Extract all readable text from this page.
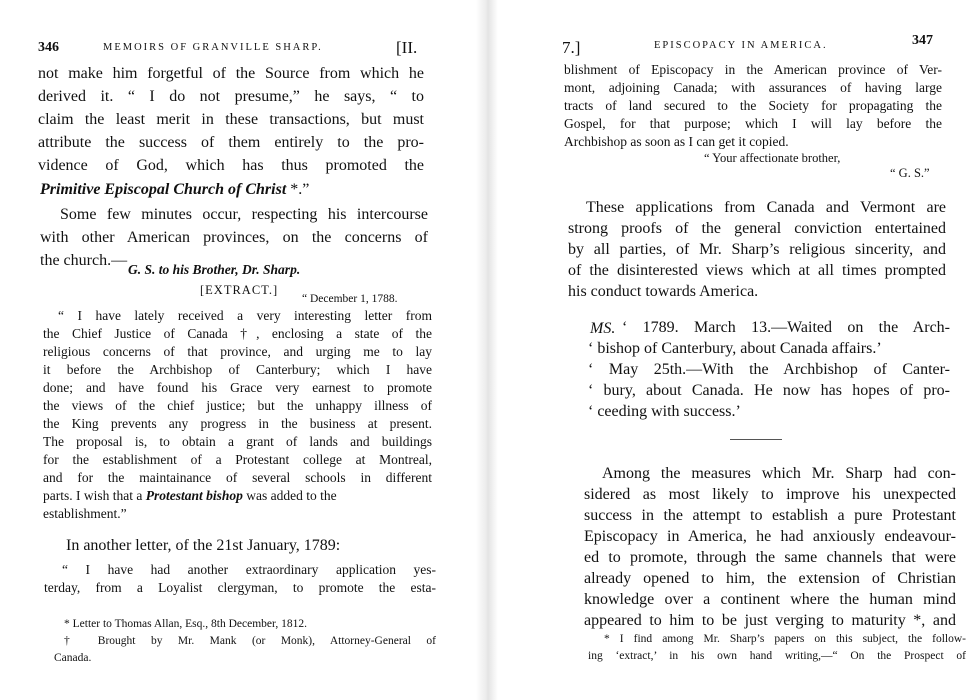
346	MEMOIRS OF GRANVILLE SHARP.	[II.
not make him forgetful of the Source from which he
derived it. “ I do not presume,” he says, “ to
claim the least merit in these transactions, but must
attribute the success of them entirely to the pro-
vidence of God, which has thus promoted the
Primitive Episcopal Church of Christ *.”
Some few minutes occur, respecting his intercourse
with other American provinces, on the concerns of
the church.—
G. S. to his Brother, Dr. Sharp.
[EXTRACT.]
“ December 1, 1788.
“ I have lately received a very interesting letter from
the Chief Justice of Canada †, enclosing a state of the
religious concerns of that province, and urging me to lay
it before the Archbishop of Canterbury; which I have
done; and have found his Grace very earnest to promote
the views of the chief justice; but the unhappy illness of
the King prevents any progress in the business at present.
The proposal is, to obtain a grant of lands and buildings
for the establishment of a Protestant college at Montreal,
and for the maintainance of several schools in different
parts. I wish that a Protestant bishop was added to the
establishment.”
In another letter, of the 21st January, 1789:
“ I have had another extraordinary application yes-
terday, from a Loyalist clergyman, to promote the esta-
* Letter to Thomas Allan, Esq., 8th December, 1812.
† Brought by Mr. Mank (or Monk), Attorney-General of
Canada.
7.]	EPISCOPACY IN AMERICA.	347
blishment of Episcopacy in the American province of Ver-
mont, adjoining Canada; with assurances of having large
tracts of land secured to the Society for propagating the
Gospel, for that purpose; which I will lay before the
Archbishop as soon as I can get it copied.
“ Your affectionate brother,
“ G. S.”
These applications from Canada and Vermont are
strong proofs of the general conviction entertained
by all parties, of Mr. Sharp’s religious sincerity, and
of the disinterested views which at all times prompted
his conduct towards America.
MS. ‘ 1789. March 13.—Waited on the Arch-
‘ bishop of Canterbury, about Canada affairs.’
‘ May 25th.—With the Archbishop of Canter-
‘ bury, about Canada. He now has hopes of pro-
‘ ceeding with success.’
Among the measures which Mr. Sharp had con-
sidered as most likely to improve his unexpected
success in the attempt to establish a pure Protestant
Episcopacy in America, he had anxiously endeavour-
ed to promote, through the same channels that were
already opened to him, the extension of Christian
knowledge over a continent where the human mind
appeared to him to be just verging to maturity *, and
* I find among Mr. Sharp’s papers on this subject, the follow-
ing ‘extract,’ in his own hand writing,—“ On the Prospect of
